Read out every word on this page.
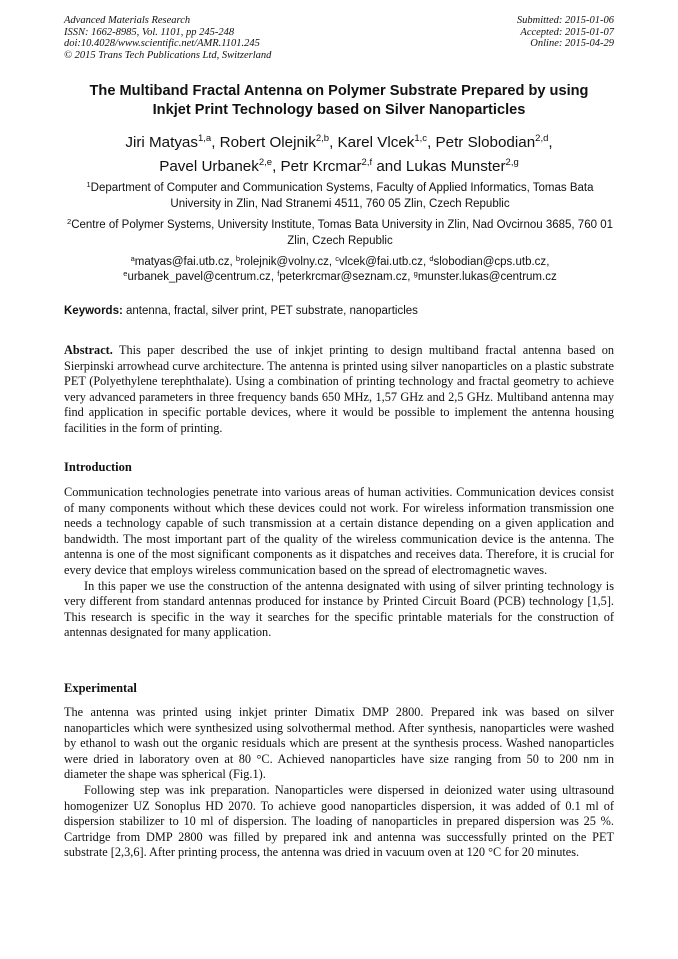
Advanced Materials Research
ISSN: 1662-8985, Vol. 1101, pp 245-248
doi:10.4028/www.scientific.net/AMR.1101.245
© 2015 Trans Tech Publications Ltd, Switzerland
Submitted: 2015-01-06
Accepted: 2015-01-07
Online: 2015-04-29
The Multiband Fractal Antenna on Polymer Substrate Prepared by using
Inkjet Print Technology based on Silver Nanoparticles
Jiri Matyas$^{1,a}$, Robert Olejnik$^{2,b}$, Karel Vlcek$^{1,c}$, Petr Slobodian$^{2,d}$,
Pavel Urbanek$^{2,e}$, Petr Krcmar$^{2,f}$ and Lukas Munster$^{2,g}$
$^1$Department of Computer and Communication Systems, Faculty of Applied Informatics, Tomas Bata University in Zlin, Nad Stranemi 4511, 760 05 Zlin, Czech Republic
$^2$Centre of Polymer Systems, University Institute, Tomas Bata University in Zlin, Nad Ovcirnou 3685, 760 01 Zlin, Czech Republic
$^a$matyas@fai.utb.cz, $^b$rolejnik@volny.cz, $^c$vlcek@fai.utb.cz, $^d$slobodian@cps.utb.cz,
$^e$urbanek_pavel@centrum.cz, $^f$peterkrcmar@seznam.cz, $^g$munster.lukas@centrum.cz
Keywords: antenna, fractal, silver print, PET substrate, nanoparticles

Abstract. This paper described the use of inkjet printing to design multiband fractal antenna based on Sierpinski arrowhead curve architecture. The antenna is printed using silver nanoparticles on a plastic substrate PET (Polyethylene terephthalate). Using a combination of printing technology and fractal geometry to achieve very advanced parameters in three frequency bands 650 MHz, 1,57 GHz and 2,5 GHz. Multiband antenna may find application in specific portable devices, where it would be possible to implement the antenna housing facilities in the form of printing.

Introduction

Communication technologies penetrate into various areas of human activities. Communication devices consist of many components without which these devices could not work. For wireless information transmission one needs a technology capable of such transmission at a certain distance depending on a given application and bandwidth. The most important part of the quality of the wireless communication device is the antenna. The antenna is one of the most significant components as it dispatches and receives data. Therefore, it is crucial for every device that employs wireless communication based on the spread of electromagnetic waves.

In this paper we use the construction of the antenna designated with using of silver printing technology is very different from standard antennas produced for instance by Printed Circuit Board (PCB) technology [1,5]. This research is specific in the way it searches for the specific printable materials for the construction of antennas designated for many application.

Experimental

The antenna was printed using inkjet printer Dimatix DMP 2800. Prepared ink was based on silver nanoparticles which were synthesized using solvothermal method. After synthesis, nanoparticles were washed by ethanol to wash out the organic residuals which are present at the synthesis process. Washed nanoparticles were dried in laboratory oven at 80 °C. Achieved nanoparticles have size ranging from 50 to 200 nm in diameter the shape was spherical (Fig.1).

Following step was ink preparation. Nanoparticles were dispersed in deionized water using ultrasound homogenizer UZ Sonoplus HD 2070. To achieve good nanoparticles dispersion, it was added of 0.1 ml of dispersion stabilizer to 10 ml of dispersion. The loading of nanoparticles in prepared dispersion was 25 %. Cartridge from DMP 2800 was filled by prepared ink and antenna was successfully printed on the PET substrate [2,3,6]. After printing process, the antenna was dried in vacuum oven at 120 °C for 20 minutes.
